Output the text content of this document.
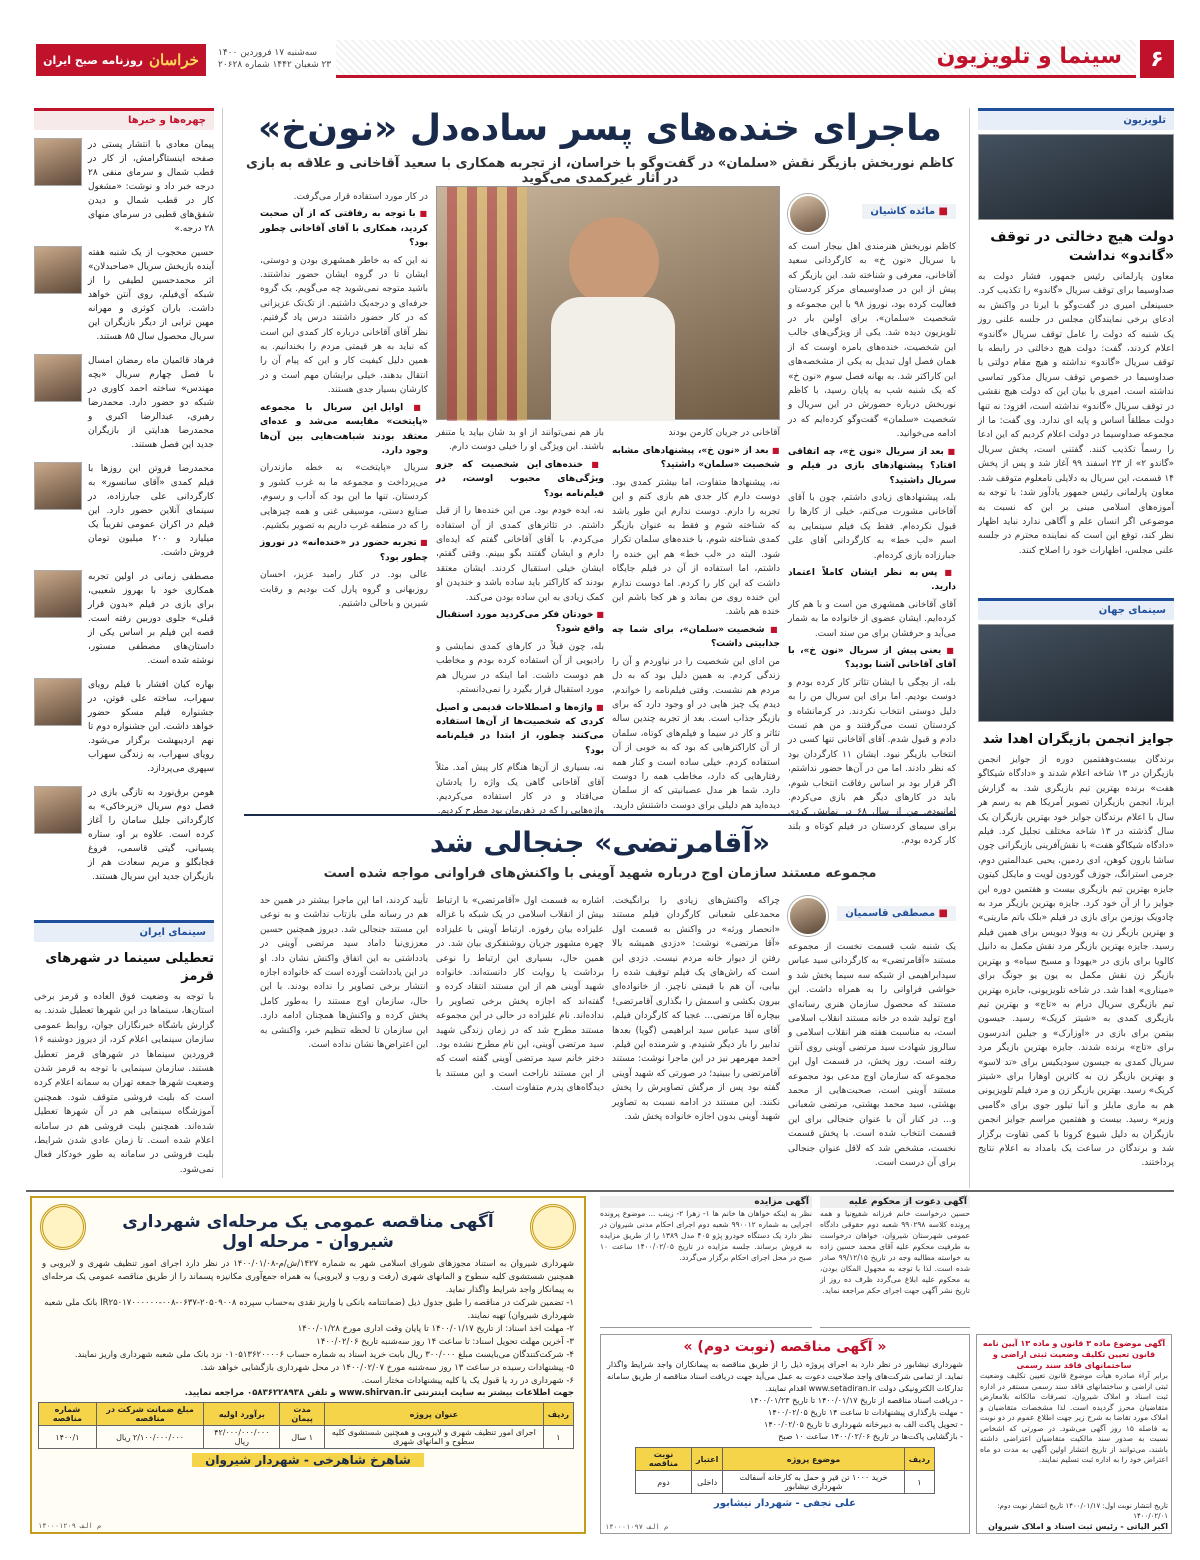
۶
سینما و تلویزیون
سه‌شنبه ۱۷ فروردین ۱۴۰۰
۲۳ شعبان ۱۴۴۲ شماره ۲۰۶۲۸
خراسان
روزنامه صبح ایران
تلویزیون
دولت هیچ دخالتی در توقف «گاندو» نداشت
معاون پارلمانی رئیس جمهور، فشار دولت به صداوسیما برای توقف سریال «گاندو» را تکذیب کرد. حسینعلی امیری در گفت‌وگو با ایرنا در واکنش به ادعای برخی نمایندگان مجلس در جلسه علنی روز یک شنبه که دولت را عامل توقف سریال «گاندو» اعلام کردند، گفت: دولت هیچ دخالتی در رابطه با توقف سریال «گاندو» نداشته و هیچ مقام دولتی با صداوسیما در خصوص توقف سریال مذکور تماسی نداشته است. امیری با بیان این که دولت هیچ نقشی در توقف سریال «گاندو» نداشته است، افزود: نه تنها دولت مطلقاً اساس و پایه ای ندارد. وی گفت: ما از مجموعه صداوسیما در دولت اعلام کردیم که این ادعا را رسماً تکذیب کنند. گفتنی است، پخش سریال «گاندو ۲» از ۲۳ اسفند ۹۹ آغاز شد و پس از پخش ۱۴ قسمت، این سریال به دلایلی نامعلوم متوقف شد. معاون پارلمانی رئیس جمهور یادآور شد: با توجه به آموزه‌های اسلامی مبنی بر این که نسبت به موضوعی اگر انسان علم و آگاهی ندارد نباید اظهار نظر کند، توقع این است که نماینده محترم در جلسه علنی مجلس، اظهارات خود را اصلاح کنند.
سینمای جهان
جوایز انجمن بازیگران اهدا شد
برندگان بیست‌وهفتمین دوره از جوایز انجمن بازیگران در ۱۳ شاخه اعلام شدند و «دادگاه شیکاگو هفت» برنده بهترین تیم بازیگری شد. به گزارش ایرنا، انجمن بازیگران تصویر آمریکا هم به رسم هر سال با اعلام برندگان جوایز خود بهترین بازیگران یک سال گذشته در ۱۳ شاخه مختلف تجلیل کرد. فیلم «دادگاه شیکاگو هفت» با نقش‌آفرینی بازیگرانی چون ساشا بارون کوهن، ادی ردمین، یحیی عبدالمتین دوم، جرمی استرانگ، جوزف گوردون لویت و مایکل کیتون جایزه بهترین تیم بازیگری بیست و هفتمین دوره این جوایز را از آن خود کرد. جایزه بهترین بازیگر مرد به چادویک بوزمن برای بازی در فیلم «بلک باتم مارینی» و بهترین بازیگر زن به ویولا دیویس برای همین فیلم رسید. جایزه بهترین بازیگر مرد نقش مکمل به دانیل کالویا برای بازی در «یهودا و مسیح سیاه» و بهترین بازیگر زن نقش مکمل به یون یو جونگ برای «میناری» اهدا شد. در شاخه تلویزیونی، جایزه بهترین تیم بازیگری سریال درام به «تاج» و بهترین تیم بازیگری کمدی به «شیتز کریک» رسید. جیسون بیتمن برای بازی در «اوزارک» و جیلین اندرسون برای «تاج» برنده شدند. جایزه بهترین بازیگر مرد سریال کمدی به جیسون سودیکیس برای «تد لاسو» و بهترین بازیگر زن به کاترین اوهارا برای «شیتز کریک» رسید. بهترین بازیگر زن و مرد فیلم تلویزیونی هم به ماری مایلز و آنیا تیلور جوی برای «گامبی وزیر» رسید. بیست و هفتمین مراسم جوایز انجمن بازیگران به دلیل شیوع کرونا با کمی تفاوت برگزار شد و برندگان در ساعت یک بامداد به اعلام نتایج پرداختند.
ماجرای خنده‌های پسر ساده‌دل «نون‌خ»
کاظم نوربخش بازیگر نقش «سلمان» در گفت‌وگو با خراسان، از تجربه همکاری با سعید آقاخانی و علاقه به بازی در آثار غیرکمدی می‌گوید
■ مائده کاشیان

کاظم نوربخش هنرمندی اهل بیجار است که با سریال «نون خ» به کارگردانی سعید آقاخانی، معرفی و شناخته شد. این بازیگر که پیش از این در صداوسیمای مرکز کردستان فعالیت کرده بود، نوروز ۹۸ با این مجموعه و شخصیت «سلمان»، برای اولین بار در تلویزیون دیده شد. یکی از ویژگی‌های جالب این شخصیت، خنده‌های بامزه اوست که از همان فصل اول تبدیل به یکی از مشخصه‌های این کاراکتر شد. به بهانه فصل سوم «نون خ» که یک شنبه شب به پایان رسید، با کاظم نوربخش درباره حضورش در این سریال و شخصیت «سلمان» گفت‌وگو کرده‌ایم که در ادامه می‌خوانید.

■ بعد از سریال «نون خ»، چه اتفاقی افتاد؟ پیشنهادهای بازی در فیلم و سریال داشتید؟

بله، پیشنهادهای زیادی داشتم، چون با آقای آقاخانی مشورت می‌کنم، خیلی از کارها را قبول نکرده‌ام. فقط یک فیلم سینمایی به اسم «لب خط» به کارگردانی آقای علی جبارزاده بازی کرده‌ام.

■ پس به نظر ایشان کاملاً اعتماد دارید.

آقای آقاخانی همشهری من است و با هم کار کرده‌ایم. ایشان عضوی از خانواده ما به شمار می‌آید و حرفشان برای من سند است.

■ یعنی پیش از سریال «نون خ»، با آقای آقاخانی آشنا بودید؟

بله، از بچگی با ایشان تئاتر کار کرده بودم و دوست بودیم. اما برای این سریال من را به دلیل دوستی انتخاب نکردند. در کرمانشاه و کردستان تست می‌گرفتند و من هم تست دادم و قبول شدم. آقای آقاخانی تنها کسی در انتخاب بازیگر نبود. ایشان ۱۱ کارگردان بود که نظر دادند. اما من در آن‌ها حضور نداشتم، اگر قرار بود بر اساس رفاقت انتخاب شوم، باید در کارهای دیگر هم بازی می‌کردم. امانبودم. من از سال ۶۸ در نمایش کردی برای سیمای کردستان در فیلم کوتاه و بلند کار کرده بودم.

آقاخانی در جریان کارمن بودند

■ بعد از «نون خ»، پیشنهادهای مشابه شخصیت «سلمان» داشتید؟

نه، پیشنهادها متفاوت، اما بیشتر کمدی بود. دوست دارم کار جدی هم بازی کنم و این تجربه را دارم. دوست ندارم این طور باشد که شناخته شوم و فقط به عنوان بازیگر کمدی شناخته شوم، با خنده‌های سلمان تکرار شود. البته در «لب خط» هم این خنده را داشتم، اما استفاده از آن در فیلم جایگاه داشت که این کار را کردم. اما دوست ندارم این خنده روی من بماند و هر کجا باشم این خنده هم باشد.

■ شخصیت «سلمان»، برای شما چه جذابیتی داشت؟

من ادای این شخصیت را در نیاوردم و آن را زندگی کردم. به همین دلیل بود که به دل مردم هم نشست. وقتی فیلم‌نامه را خواندم، دیدم یک چیز هایی در او وجود دارد که برای بازیگر جذاب است. بعد از تجربه چندین ساله تئاتر و کار در سیما و فیلم‌های کوتاه، سلمان از آن کاراکترهایی که بود که به خوبی از آن استفاده کردم. خیلی ساده است و کنار همه رفتارهایی که دارد، مخاطب همه را دوست دارد. شما هر مدل عصبانیتی که از سلمان دیده‌اید هم دلیلی برای دوست داشتنش دارید.

باز هم نمی‌توانند از او بد شان بیاید یا متنفر باشند. این ویژگی او را خیلی دوست دارم.

■ خنده‌های این شخصیت که جزو ویژگی‌های محبوب اوست، در فیلم‌نامه بود؟

نه، ایده خودم بود. من این خنده‌ها را از قبل داشتم. در تئاترهای کمدی از آن استفاده می‌کردم. با آقای آقاخانی گفتم که ایده‌ای دارم و ایشان گفتند بگو ببینم. وقتی گفتم، ایشان خیلی استقبال کردند. ایشان معتقد بودند که کاراکتر باید ساده باشد و خندیدن او کمک زیادی به این ساده بودن می‌کند.

■ خودتان فکر می‌کردید مورد استقبال واقع شود؟

بله، چون قبلاً در کارهای کمدی نمایشی و رادیویی از آن استفاده کرده بودم و مخاطب هم دوست داشت. اما اینکه در سریال هم مورد استقبال قرار بگیرد را نمی‌دانستم.

■ واژه‌ها و اصطلاحات قدیمی و اصیل کردی که شخصیت‌ها از آن‌ها استفاده می‌کنند چطور، از ابتدا در فیلم‌نامه بود؟

نه، بسیاری از آن‌ها هنگام کار پیش آمد. مثلاً آقای آقاخانی گاهی یک واژه را یادشان می‌افتاد و در کار استفاده می‌کردیم. واژه‌هایی را که در ذهن‌مان بود مطرح کردیم.

در کار مورد استفاده قرار می‌گرفت.

■ با توجه به رفاقتی که از آن صحبت کردید، همکاری با آقای آقاخانی چطور بود؟

نه این که به خاطر همشهری بودن و دوستی، ایشان تا در گروه ایشان حضور نداشتند. باشید متوجه نمی‌شوید چه می‌گویم. یک گروه حرفه‌ای و درجه‌یک داشتیم. از تک‌تک عزیزانی که در کار حضور داشتند درس یاد گرفتیم. نظر آقای آقاخانی درباره کار کمدی این است که نباید به هر قیمتی مردم را بخندانیم. به همین دلیل کیفیت کار و این که پیام آن را انتقال بدهند، خیلی برایشان مهم است و در کارشان بسیار جدی هستند.

■ اوایل این سریال با مجموعه «پایتخت» مقایسه می‌شد و عده‌ای معتقد بودند شباهت‌هایی بین آن‌ها وجود دارد.

سریال «پایتخت» به خطه مازندران می‌پرداخت و مجموعه ما به غرب کشور و کردستان. تنها ما این بود که آداب و رسوم، صنایع دستی، موسیقی غنی و همه چیزهایی را که در منطقه غرب داریم به تصویر بکشیم.

■ تجربه حضور در «خنده‌انه» در نوروز چطور بود؟

عالی بود. در کنار رامبد عزیز، احسان روزبهانی و گروه پارل کت بودیم و رقابت شیرین و باحالی داشتیم.

چهره‌ها و خبرها
پیمان معادی با انتشار پستی در صفحه اینستاگرامش، از کار در قطب شمال و سرمای منفی ۲۸ درجه خبر داد و نوشت: «مشغول کار در قطب شمال و دیدن شفق‌های قطبی در سرمای منهای ۲۸ درجه.»
حسین محجوب از یک شنبه هفته آینده بازیخش سریال «صاحبدلان» اثر محمدحسین لطیفی را از شبکه آی‌فیلم، روی آنتن خواهد داشت. باران کوثری و مهرانه مهین ترابی از دیگر بازیگران این سریال محصول سال ۸۵ هستند.
فرهاد قائمیان ماه رمضان امسال با فصل چهارم سریال «بچه مهندس» ساخته احمد کاوری در شبکه دو حضور دارد. محمدرضا رهبری، عبدالرضا اکبری و محمدرضا هدایتی از بازیگران جدید این فصل هستند.
محمدرضا فروتن این روزها با فیلم کمدی «آقای سانسور» به کارگردانی علی جبارزاده، در سینمای آنلاین حضور دارد. این فیلم در اکران عمومی تقریباً یک میلیارد و ۲۰۰ میلیون تومان فروش داشت.
مصطفی زمانی در اولین تجربه همکاری خود با بهروز شعیبی، برای بازی در فیلم «بدون قرار قبلی» جلوی دوربین رفته است. قصه این فیلم بر اساس یکی از داستان‌های مصطفی مستور، نوشته شده است.
بهاره کیان افشار با فیلم رویای سهراب، ساخته علی فوتن، در جشنواره فیلم مسکو حضور خواهد داشت. این جشنواره دوم تا نهم اردیبهشت برگزار می‌شود. رویای سهراب، به زندگی سهراب سپهری می‌پردازد.
هومن برق‌نورد به تازگی بازی در فصل دوم سریال «زیرخاکی» به کارگردانی جلیل سامان را آغاز کرده است. علاوه بر او، ستاره پسیانی، گیتی قاسمی، فروغ قجابگلو و مریم سعادت هم از بازیگران جدید این سریال هستند.
سینمای ایران
تعطیلی سینما در شهرهای قرمز
با توجه به وضعیت فوق العاده و قرمز برخی استان‌ها، سینماها در این شهرها تعطیل شدند. به گزارش باشگاه خبرنگاران جوان، روابط عمومی سازمان سینمایی اعلام کرد، از دیروز دوشنبه ۱۶ فروردین سینماها در شهرهای قرمز تعطیل هستند. سازمان سینمایی با توجه به قرمز شدن وضعیت شهرها جمعه تهران به سمانه اعلام کرده است که بلیت فروشی متوقف شود. همچنین آموزشگاه سینمایی هم در آن شهرها تعطیل شده‌اند. همچنین بلیت فروشی هم در سامانه اعلام شده است. تا زمان عادی شدن شرایط، بلیت فروشی در سامانه به طور خودکار فعال نمی‌شود.
«آقامرتضی» جنجالی شد
مجموعه مستند سازمان اوج درباره شهید آوینی با واکنش‌های فراوانی مواجه شده است
■ مصطفی قاسمیان
یک شنبه شب قسمت نخست از مجموعه مستند «آقامرتضی» به کارگردانی سید عباس سیدابراهیمی از شبکه سه سیما پخش شد و حواشی فراوانی را به همراه داشت. این مستند که محصول سازمان هنری رسانه‌ای اوج تولید شده در خانه مستند انقلاب اسلامی است، به مناسبت هفته هنر انقلاب اسلامی و سالروز شهادت سید مرتضی آوینی روی آنتن رفته است. روز پخش، در قسمت اول این مجموعه که سازمان اوج مدعی بود مجموعه مستند آوینی است، صحبت‌هایی از محمد بهشتی، سید محمد بهشتی، مرتضی شعبانی و... در کنار آن با عنوان جنجالی برای این قسمت انتخاب شده است. با پخش قسمت نخست، مشخص شد که لاقل عنوان جنجالی برای آن درست است.
چراکه واکنش‌های زیادی را برانگیخت. محمدعلی شعبانی کارگردان فیلم مستند «انحصار ورثه» در واکنش به قسمت اول «آقا مرتضی» نوشت: «دزدی همیشه بالا رفتن از دیوار خانه مردم نیست. دزدی این است که راش‌های یک فیلم توقیف شده را بیابی، آن هم با قیمتی ناچیز. از خانواده‌ای بیرون بکشی و اسمش را بگذاری آقامرتضی! بیچاره آقا مرتضی... عجبا که کارگردان فیلم، آقای سید عباس سید ابراهیمی (گویا) بعدها تدابیر را بار دیگر شنیدم. و شرمنده این فیلم. احمد مهرمهر نیز در این ماجرا نوشت: مستند آقامرتضی را ببینید؛ در صورتی که شهید آوینی گفته بود پس از مرگش تصاویرش را پخش نکنند. این مستند در ادامه نسبت به تصاویر شهید آوینی بدون اجازه خانواده پخش شد.
اشاره به قسمت اول «آقامرتضی» با ارتباط بیش از انقلاب اسلامی در یک شبکه با غزاله علیزاده بیان رفوزه. ارتباط آوینی با علیزاده چهره مشهور جریان روشنفکری بیان شد. در همین حال، بسیاری این ارتباط را نوعی برداشت یا روایت کار دانسته‌اند. خانواده شهید آوینی هم از این مستند انتقاد کرده و گفته‌اند که اجازه پخش برخی تصاویر را نداده‌اند. نام علیزاده در حالی در این مجموعه مستند مطرح شد که در زمان زندگی شهید سید مرتضی آوینی، این نام مطرح نشده بود. دختر خانم سید مرتضی آوینی گفته است که از این مستند ناراحت است و این مستند با دیدگاه‌های پدرم متفاوت است.
تأیید کردند، اما این ماجرا بیشتر در همین حد هم در رسانه ملی بازتاب نداشت و به نوعی این مستند جنجالی شد. دیروز همچنین حسین معززی‌نیا داماد سید مرتضی آوینی در یادداشتی به این اتفاق واکنش نشان داد. او در این یادداشت آورده است که خانواده اجازه انتشار برخی تصاویر را نداده بودند. با این حال، سازمان اوج مستند را به‌طور کامل پخش کرده و واکنش‌ها همچنان ادامه دارد. این سازمان تا لحظه تنظیم خبر، واکنشی به این اعتراض‌ها نشان نداده است.
آگهی مناقصه عمومی یک مرحله‌ای شهرداری شیروان - مرحله اول
شهرداری شیروان به استناد مجوزهای شورای اسلامی شهر به شماره ۱۴۲۷/ش/م-۱۴۰۰/۰۱/۰۸ در نظر دارد اجرای امور تنظیف شهری و لایروبی و همچنین شستشوی کلیه سطوح و المانهای شهری (رفت و روب و لایروبی) به همراه جمع‌آوری مکانیزه پسماند را از طریق مناقصه عمومی یک مرحله‌ای به پیمانکار واجد شرایط واگذار نماید.
۱- تضمین شرکت در مناقصه را طبق جدول ذیل (ضمانتنامه بانکی یا واریز نقدی به‌حساب سپرده ۲۰۵۰۹۰۰۸-۰۶۳۷-۰۰۸-IR۲۵۰۱۷۰۰۰۰۰۰ بانک ملی شعبه شهرداری شیروان) تهیه نمایند.
۲- مهلت اخذ اسناد: از تاریخ ۱۴۰۰/۰۱/۱۷ تا پایان وقت اداری مورخ ۱۴۰۰/۰۱/۲۸
۳- آخرین مهلت تحویل اسناد: تا ساعت ۱۴ روز سه‌شنبه تاریخ ۱۴۰۰/۰۲/۰۶
۴- شرکت‌کنندگان می‌بایست مبلغ ۳۰۰/۰۰۰ ریال بابت خرید اسناد به شماره حساب ۰۱۰۵۱۳۶۲۰۰۰۰۶ نزد بانک ملی شعبه شهرداری واریز نمایند.
۵- پیشنهادات رسیده در ساعت ۱۳ روز سه‌شنبه مورخ ۱۴۰۰/۰۲/۰۷ در محل شهرداری بازگشایی خواهد شد.
۶- شهرداری در رد یا قبول یک یا کلیه پیشنهادات مختار است.
جهت اطلاعات بیشتر به سایت اینترنتی www.shirvan.ir و تلفن ۰۵۸۳۶۲۲۸۹۳۸ مراجعه نمایید.
ردیف	عنوان پروژه	مدت پیمان	برآورد اولیه	مبلغ ضمانت شرکت در مناقصه	شماره مناقصه
۱	اجرای امور تنظیف شهری و لایروبی و همچنین شستشوی کلیه سطوح و المانهای شهری	۱ سال	۴۲/۰۰۰/۰۰۰/۰۰۰ ریال	۲/۱۰۰/۰۰۰/۰۰۰ ریال	۱۴۰۰/۱
شاهرخ شاهرخی - شهردار شیروان
م الف ۱۴۰۰۰۱۲۰۹
آگهی دعوت از محکوم علیه
حسین درخواست خانم فرزانه شفیع‌نیا و همه پرونده کلاسه ۹۹۰۲۹۸ شعبه دوم حقوقی دادگاه عمومی شهرستان شیروان، خواهان درخواست به طرفیت محکوم علیه آقای محمد حسین زاده به خواسته مطالبه وجه در تاریخ ۹۹/۱۲/۱۵ صادر شده است. لذا با توجه به مجهول المکان بودن، به محکوم علیه ابلاغ می‌گردد ظرف ده روز از تاریخ نشر آگهی جهت اجرای حکم مراجعه نماید.
آگهی مزایده
نظر به اینکه خواهان ها خانم ها ۱- زهرا ۲- زینب ... موضوع پرونده اجرایی به شماره ۹۹۰۰۱۲ شعبه دوم اجرای احکام مدنی شیروان در نظر دارد یک دستگاه خودرو پژو ۴۰۵ مدل ۱۳۸۹ را از طریق مزایده به فروش برساند. جلسه مزایده در تاریخ ۱۴۰۰/۰۲/۰۵ ساعت ۱۰ صبح در محل اجرای احکام برگزار می‌گردد.
« آگهی مناقصه (نوبت دوم) »
شهرداری نیشابور در نظر دارد به اجرای پروژه ذیل را از طریق مناقصه به پیمانکاران واجد شرایط واگذار نماید. از تمامی شرکت‌های واجد صلاحیت دعوت به عمل می‌آید جهت دریافت اسناد مناقصه از طریق سامانه تدارکات الکترونیکی دولت www.setadiran.ir اقدام نمایند.
- دریافت اسناد مناقصه از تاریخ ۱۴۰۰/۰۱/۱۷ تا تاریخ ۱۴۰۰/۰۱/۲۳
- مهلت بارگذاری پیشنهادات تا ساعت ۱۴ تاریخ ۱۴۰۰/۰۲/۰۵
- تحویل پاکت الف به دبیرخانه شهرداری تا تاریخ ۱۴۰۰/۰۲/۰۵
- بازگشایی پاکت‌ها در تاریخ ۱۴۰۰/۰۲/۰۶ ساعت ۱۰ صبح
ردیف	موضوع پروژه	اعتبار	نوبت مناقصه
۱	خرید ۱۰۰۰ تن قیر و حمل به کارخانه آسفالت شهرداری نیشابور	داخلی	دوم
علی نجفی - شهردار نیشابور
م الف ۱۴۰۰۰۱۰۹۷
آگهی موضوع ماده ۳ قانون و ماده ۱۳ آیین نامه قانون تعیین تکلیف وضعیت ثبتی اراضی و ساختمانهای فاقد سند رسمی
برابر آراء صادره هیأت موضوع قانون تعیین تکلیف وضعیت ثبتی اراضی و ساختمانهای فاقد سند رسمی مستقر در اداره ثبت اسناد و املاک شیروان، تصرفات مالکانه بلامعارض متقاضیان محرز گردیده است. لذا مشخصات متقاضیان و املاک مورد تقاضا به شرح زیر جهت اطلاع عموم در دو نوبت به فاصله ۱۵ روز آگهی می‌شود. در صورتی که اشخاص نسبت به صدور سند مالکیت متقاضیان اعتراضی داشته باشند، می‌توانند از تاریخ انتشار اولین آگهی به مدت دو ماه اعتراض خود را به اداره ثبت تسلیم نمایند.
تاریخ انتشار نوبت اول: ۱۴۰۰/۰۱/۱۷ تاریخ انتشار نوبت دوم: ۱۴۰۰/۰۲/۰۱
اکبر الیاتی - رئیس ثبت اسناد و املاک شیروان
